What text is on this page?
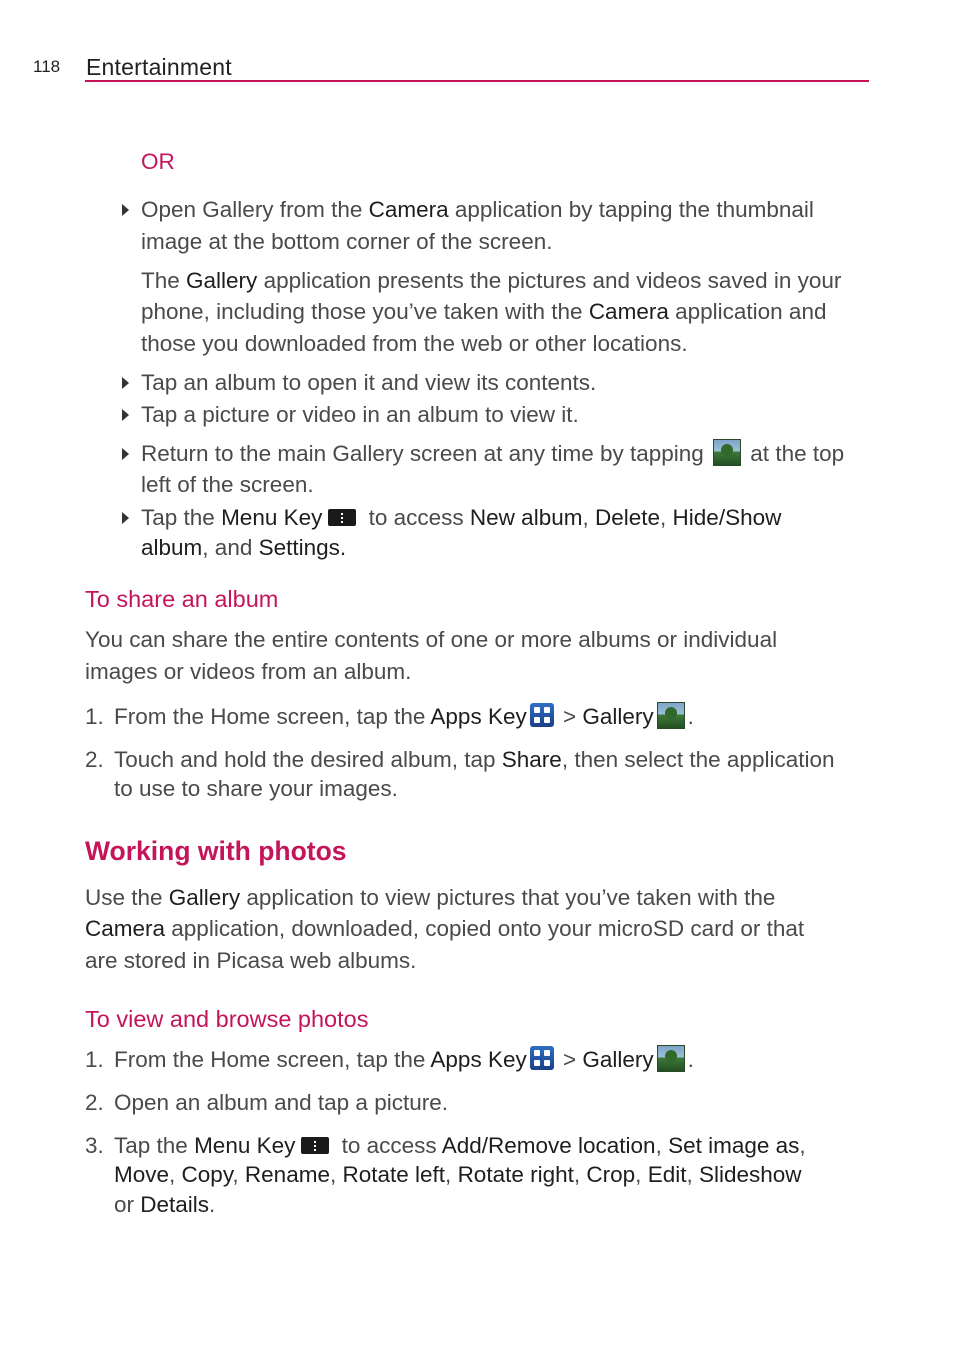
118 Entertainment
OR
Open Gallery from the Camera application by tapping the thumbnail
image at the bottom corner of the screen.
The Gallery application presents the pictures and videos saved in your
phone, including those you’ve taken with the Camera application and
those you downloaded from the web or other locations.
Tap an album to open it and view its contents.
Tap a picture or video in an album to view it.
Return to the main Gallery screen at any time by tapping  at the top
left of the screen.
Tap the Menu Key
to access New album, Delete, Hide/Show
album, and Settings.
To share an album
You can share the entire contents of one or more albums or individual
images or videos from an album.
1. From the Home screen, tap the Apps Key
> Gallery .
2. Touch and hold the desired album, tap Share, then select the application
to use to share your images.
Working with photos
Use the Gallery application to view pictures that you’ve taken with the
Camera application, downloaded, copied onto your microSD card or that
are stored in Picasa web albums.
To view and browse photos
1. From the Home screen, tap the Apps Key
> Gallery .
2. Open an album and tap a picture.
3. Tap the Menu Key
to access Add/Remove location, Set image as,
Move, Copy, Rename, Rotate left, Rotate right, Crop, Edit, Slideshow
or Details.
